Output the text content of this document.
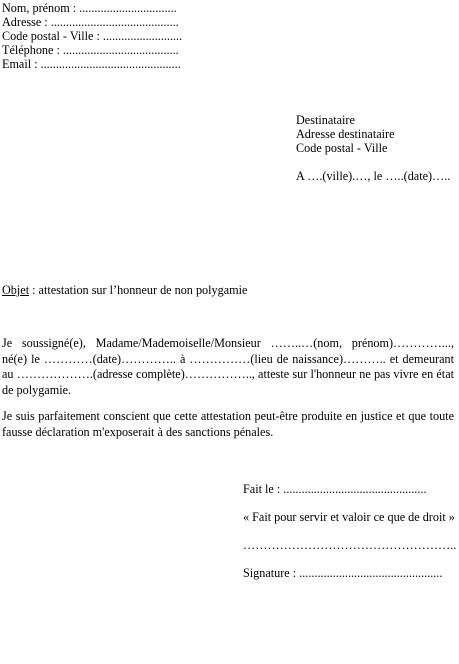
Nom, prénom : ................................
Adresse : ..........................................
Code postal - Ville : ..........................
Téléphone : ......................................
Email : ..............................................
Destinataire
Adresse destinataire
Code postal - Ville
A ….(ville).…, le …..(date)…..
Objet : attestation sur l’honneur de non polygamie
Je soussigné(e), Madame/Mademoiselle/Monsieur ……..…(nom, prénom)…………..., né(e) le …………(date)………….. à ……………(lieu de naissance)……….. et demeurant au ……………….(adresse complète)…………….., atteste sur l'honneur ne pas vivre en état de polygamie.
Je suis parfaitement conscient que cette attestation peut-être produite en justice et que toute fausse déclaration m'exposerait à des sanctions pénales.
Fait le : ...............................................
« Fait pour servir et valoir ce que de droit »
……………………………………………..
Signature : ...............................................
